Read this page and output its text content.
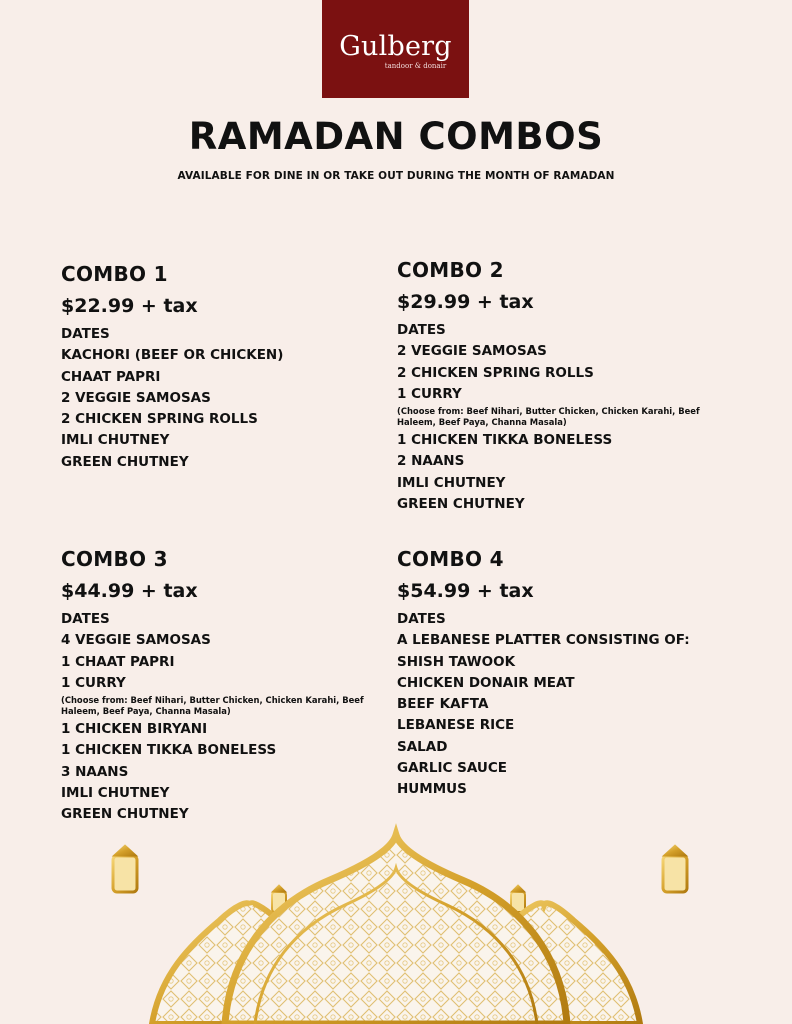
Gulberg
tandoor & donair
RAMADAN COMBOS
AVAILABLE FOR DINE IN OR TAKE OUT DURING THE MONTH OF RAMADAN
COMBO 1
$22.99 + tax
DATES
KACHORI (BEEF OR CHICKEN)
CHAAT PAPRI
2 VEGGIE SAMOSAS
2 CHICKEN SPRING ROLLS
IMLI CHUTNEY
GREEN CHUTNEY
COMBO 2
$29.99 + tax
DATES
2 VEGGIE SAMOSAS
2 CHICKEN SPRING ROLLS
1 CURRY
(Choose from: Beef Nihari, Butter Chicken, Chicken Karahi, Beef Haleem, Beef Paya, Channa Masala)
1 CHICKEN TIKKA BONELESS
2 NAANS
IMLI CHUTNEY
GREEN CHUTNEY
COMBO 3
$44.99 + tax
DATES
4 VEGGIE SAMOSAS
1 CHAAT PAPRI
1 CURRY
(Choose from: Beef Nihari, Butter Chicken, Chicken Karahi, Beef Haleem, Beef Paya, Channa Masala)
1 CHICKEN BIRYANI
1 CHICKEN TIKKA BONELESS
3 NAANS
IMLI CHUTNEY
GREEN CHUTNEY
COMBO 4
$54.99 + tax
DATES
A LEBANESE PLATTER CONSISTING OF:
SHISH TAWOOK
CHICKEN DONAIR MEAT
BEEF KAFTA
LEBANESE RICE
SALAD
GARLIC SAUCE
HUMMUS
